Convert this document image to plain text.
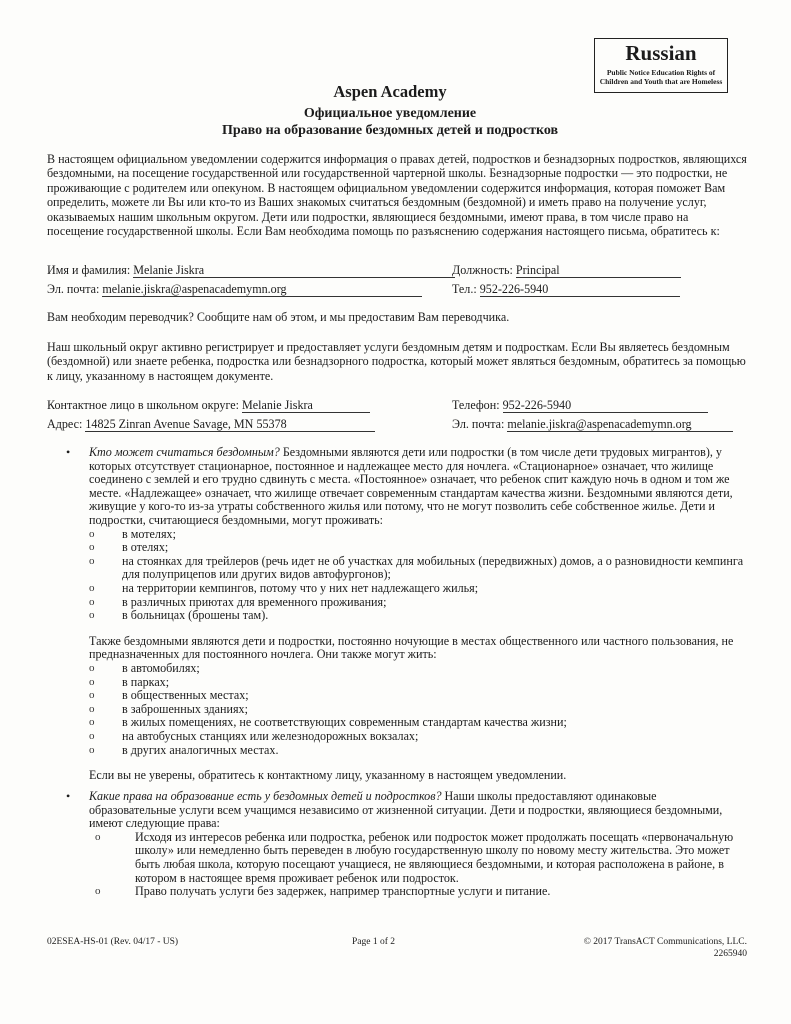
Russian
Public Notice Education Rights of Children and Youth that are Homeless
Aspen Academy
Официальное уведомление
Право на образование бездомных детей и подростков
В настоящем официальном уведомлении содержится информация о правах детей, подростков и безнадзорных подростков, являющихся бездомными, на посещение государственной или государственной чартерной школы. Безнадзорные подростки — это подростки, не проживающие с родителем или опекуном. В настоящем официальном уведомлении содержится информация, которая поможет Вам определить, можете ли Вы или кто-то из Ваших знакомых считаться бездомным (бездомной) и иметь право на получение услуг, оказываемых нашим школьным округом. Дети или подростки, являющиеся бездомными, имеют права, в том числе право на посещение государственной школы. Если Вам необходима помощь по разъяснению содержания настоящего письма, обратитесь к:
Имя и фамилия: Melanie Jiskra	Должность: Principal
Эл. почта: melanie.jiskra@aspenacademymn.org	Тел.: 952-226-5940
Вам необходим переводчик? Сообщите нам об этом, и мы предоставим Вам переводчика.
Наш школьный округ активно регистрирует и предоставляет услуги бездомным детям и подросткам. Если Вы являетесь бездомным (бездомной) или знаете ребенка, подростка или безнадзорного подростка, который может являться бездомным, обратитесь за помощью к лицу, указанному в настоящем документе.
Контактное лицо в школьном округе: Melanie Jiskra	Телефон: 952-226-5940
Адрес: 14825 Zinran Avenue Savage, MN 55378	Эл. почта: melanie.jiskra@aspenacademymn.org
• Кто может считаться бездомным? Бездомными являются дети или подростки (в том числе дети трудовых мигрантов), у которых отсутствует стационарное, постоянное и надлежащее место для ночлега. «Стационарное» означает, что жилище соединено с землей и его трудно сдвинуть с места. «Постоянное» означает, что ребенок спит каждую ночь в одном и том же месте. «Надлежащее» означает, что жилище отвечает современным стандартам качества жизни. Бездомными являются дети, живущие у кого-то из-за утраты собственного жилья или потому, что не могут позволить себе собственное жилье. Дети и подростки, считающиеся бездомными, могут проживать:
o в мотелях;
o в отелях;
o на стоянках для трейлеров (речь идет не об участках для мобильных (передвижных) домов, а о разновидности кемпинга для полуприцепов или других видов автофургонов);
o на территории кемпингов, потому что у них нет надлежащего жилья;
o в различных приютах для временного проживания;
o в больницах (брошены там).
Также бездомными являются дети и подростки, постоянно ночующие в местах общественного или частного пользования, не предназначенных для постоянного ночлега. Они также могут жить:
o в автомобилях;
o в парках;
o в общественных местах;
o в заброшенных зданиях;
o в жилых помещениях, не соответствующих современным стандартам качества жизни;
o на автобусных станциях или железнодорожных вокзалах;
o в других аналогичных местах.
Если вы не уверены, обратитесь к контактному лицу, указанному в настоящем уведомлении.
• Какие права на образование есть у бездомных детей и подростков? Наши школы предоставляют одинаковые образовательные услуги всем учащимся независимо от жизненной ситуации. Дети и подростки, являющиеся бездомными, имеют следующие права:
o	Исходя из интересов ребенка или подростка, ребенок или подросток может продолжать посещать «первоначальную школу» или немедленно быть переведен в любую государственную школу по новому месту жительства. Это может быть любая школа, которую посещают учащиеся, не являющиеся бездомными, и которая расположена в районе, в котором в настоящее время проживает ребенок или подросток.
o	Право получать услуги без задержек, например транспортные услуги и питание.
02ESEA-HS-01 (Rev. 04/17 - US)	Page 1 of 2	© 2017 TransACT Communications, LLC.
2265940
